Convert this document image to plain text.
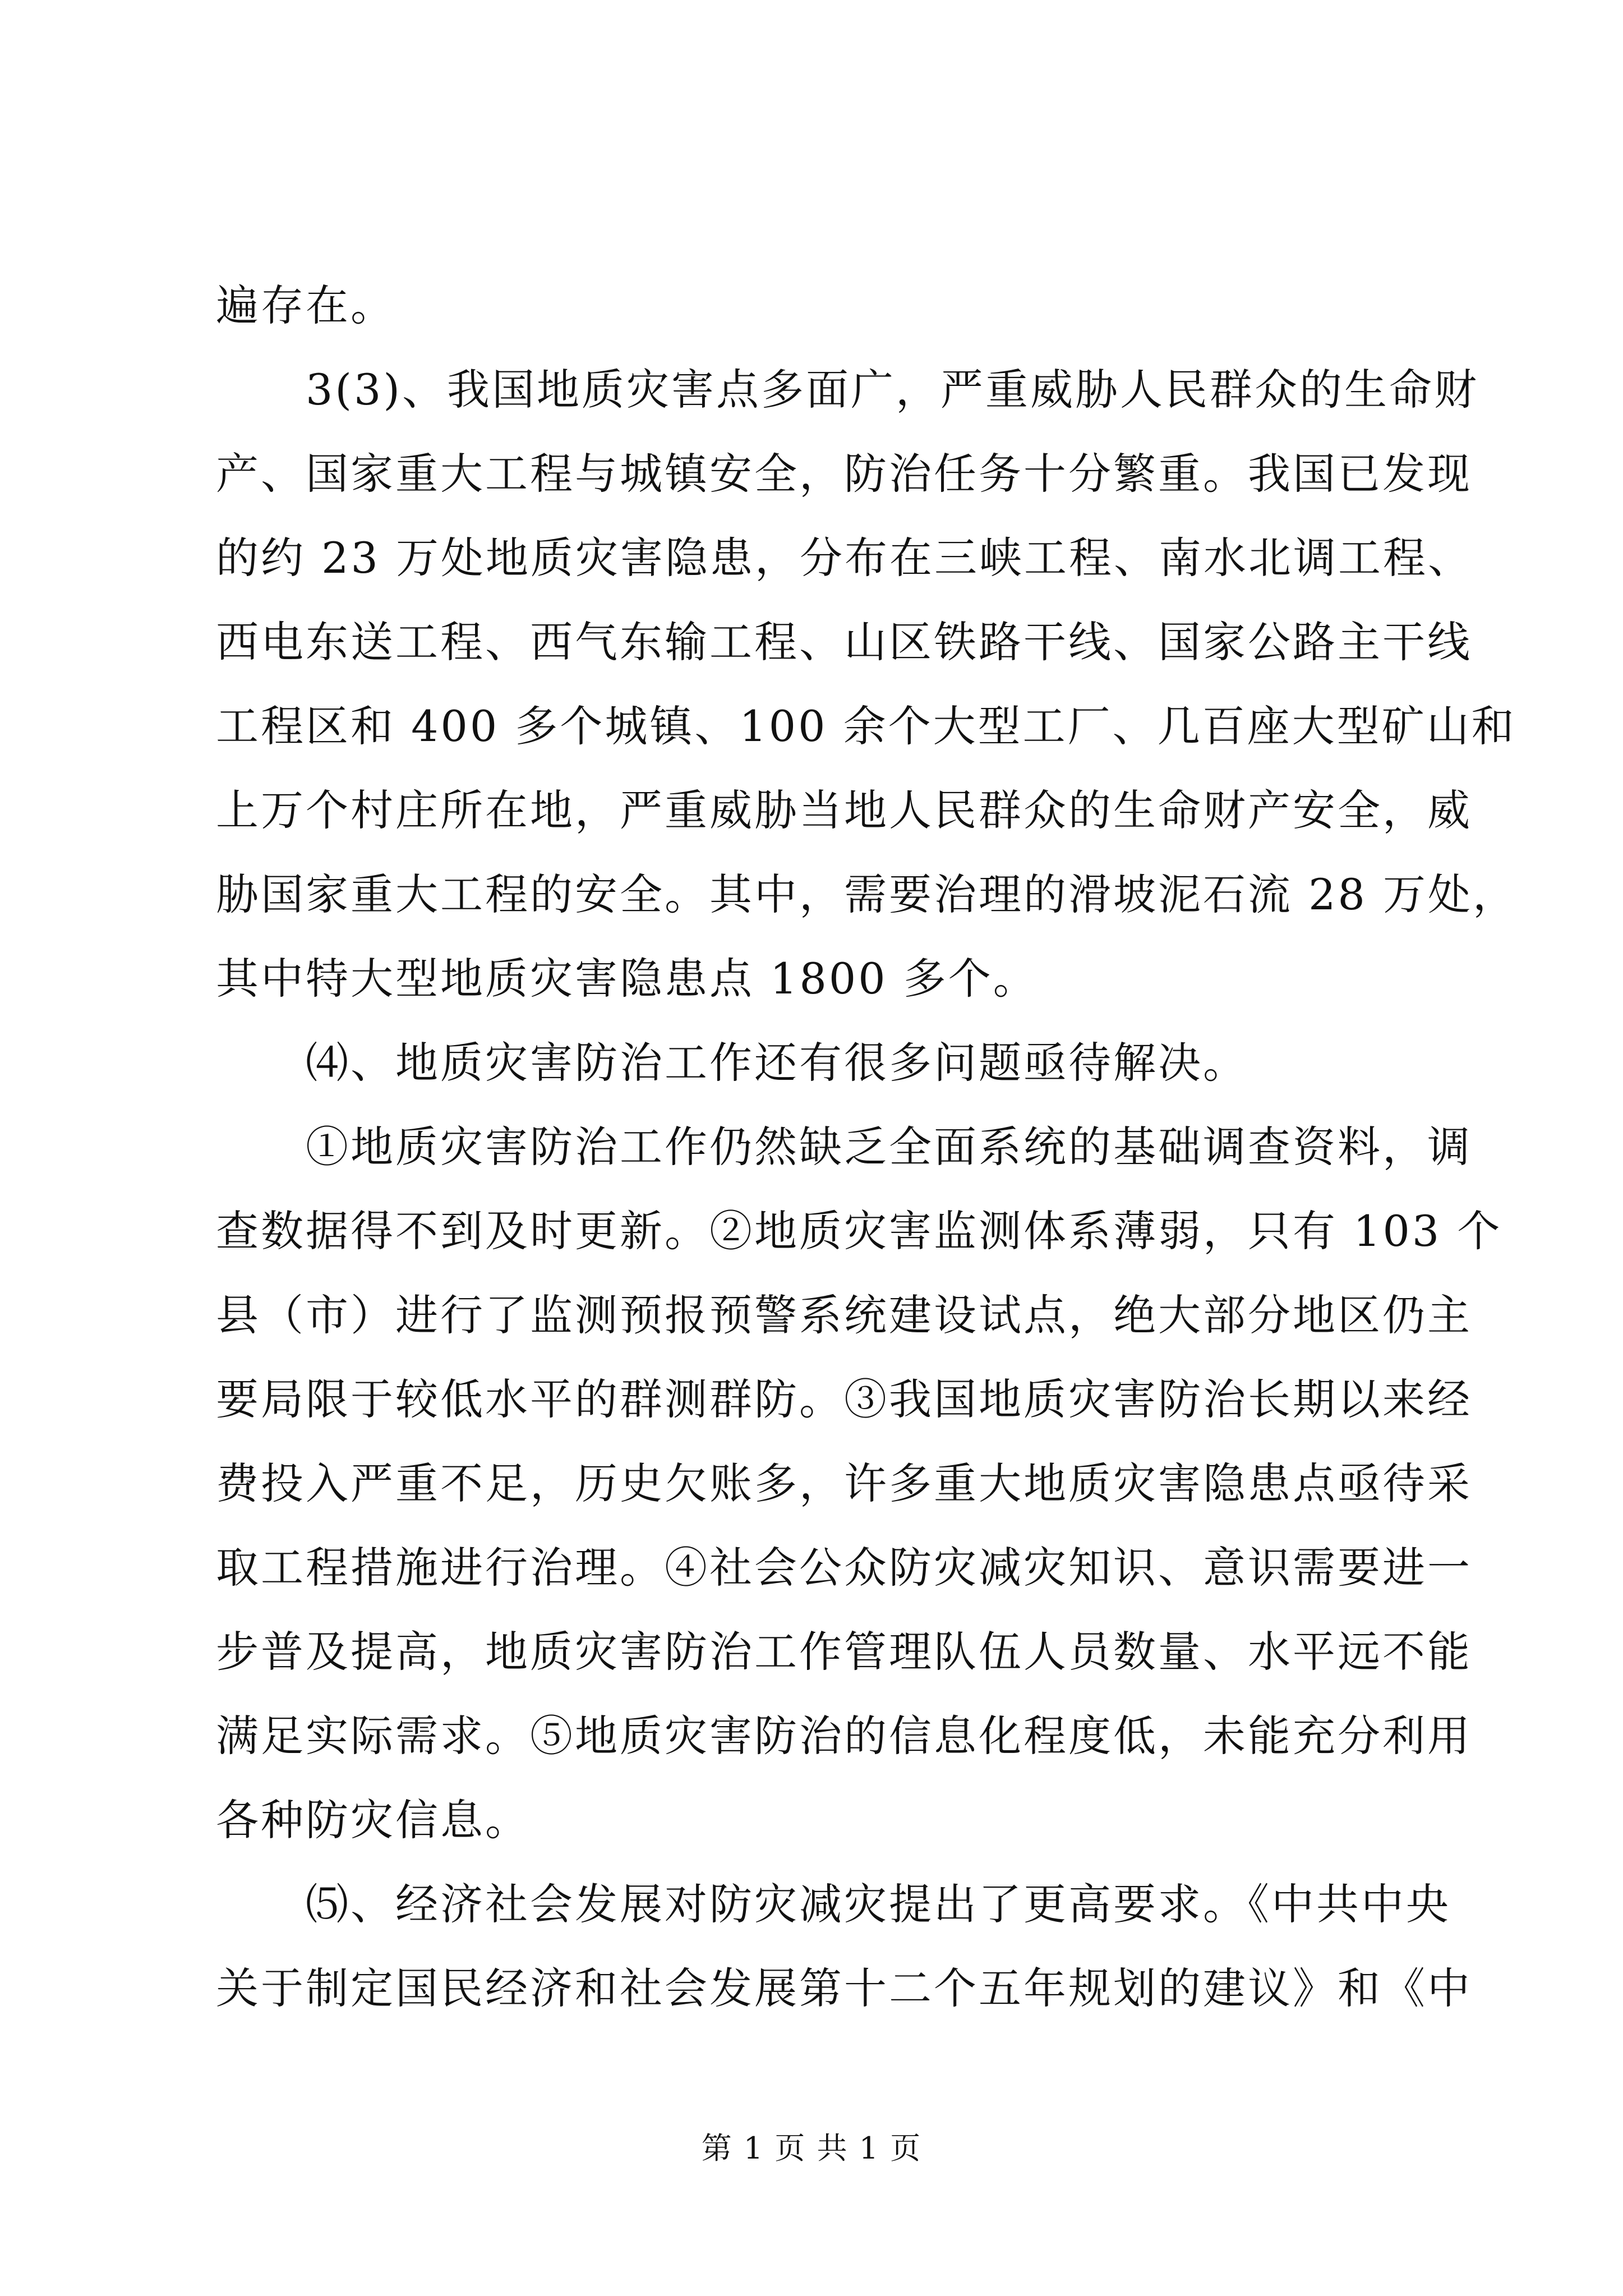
遍存在。
3(3)、我国地质灾害点多面广，严重威胁人民群众的生命财
产、国家重大工程与城镇安全，防治任务十分繁重。我国已发现
的约 23 万处地质灾害隐患，分布在三峡工程、南水北调工程、
西电东送工程、西气东输工程、山区铁路干线、国家公路主干线
工程区和 400 多个城镇、100 余个大型工厂、几百座大型矿山和
上万个村庄所在地，严重威胁当地人民群众的生命财产安全，威
胁国家重大工程的安全。其中，需要治理的滑坡泥石流 28 万处，
其中特大型地质灾害隐患点 1800 多个。
⑷、地质灾害防治工作还有很多问题亟待解决。
①地质灾害防治工作仍然缺乏全面系统的基础调查资料，调
查数据得不到及时更新。②地质灾害监测体系薄弱，只有 103 个
县（市）进行了监测预报预警系统建设试点，绝大部分地区仍主
要局限于较低水平的群测群防。③我国地质灾害防治长期以来经
费投入严重不足，历史欠账多，许多重大地质灾害隐患点亟待采
取工程措施进行治理。④社会公众防灾减灾知识、意识需要进一
步普及提高，地质灾害防治工作管理队伍人员数量、水平远不能
满足实际需求。⑤地质灾害防治的信息化程度低，未能充分利用
各种防灾信息。
⑸、经济社会发展对防灾减灾提出了更高要求。《中共中央
关于制定国民经济和社会发展第十二个五年规划的建议》和《中
第 1 页 共 1 页
